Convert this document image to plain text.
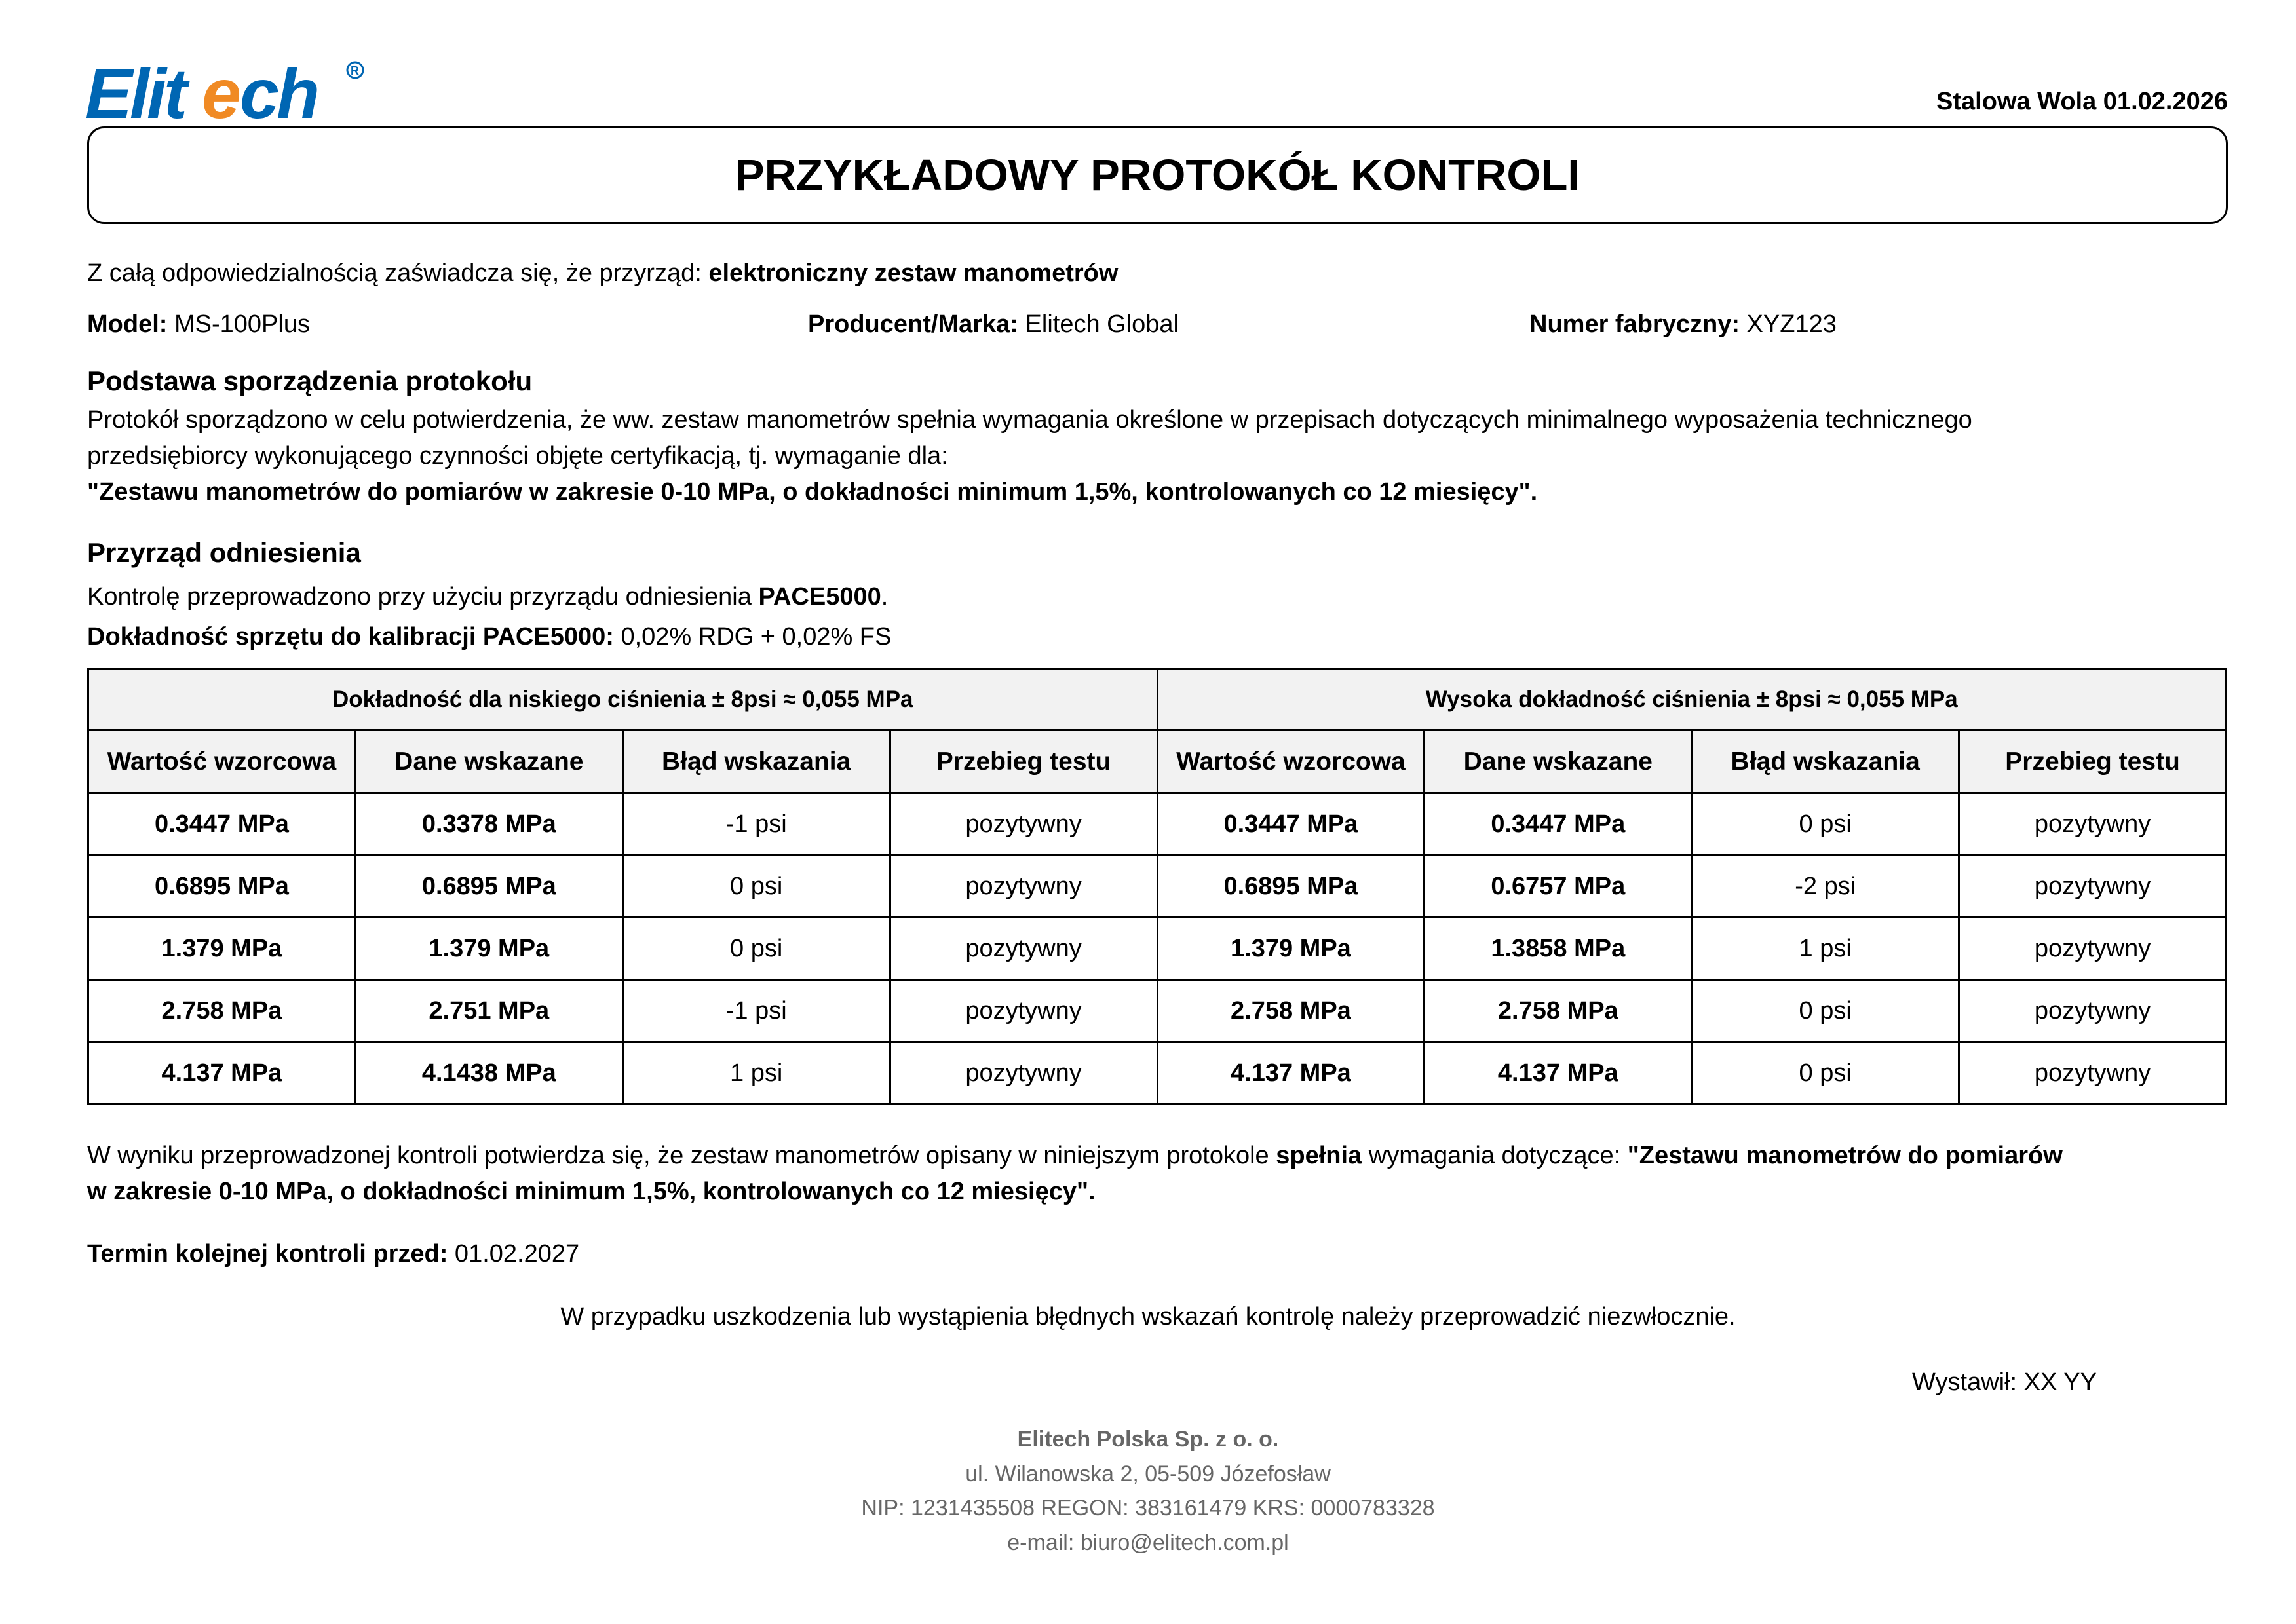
Elit e
ch	R
Stalowa Wola 01.02.2026
PRZYKŁADOWY PROTOKÓŁ KONTROLI
Z całą odpowiedzialnością zaświadcza się, że przyrząd: elektroniczny zestaw manometrów
Model: MS-100Plus	Producent/Marka: Elitech Global	Numer fabryczny: XYZ123
Podstawa sporządzenia protokołu
Protokół sporządzono w celu potwierdzenia, że ww. zestaw manometrów spełnia wymagania określone w przepisach dotyczących minimalnego wyposażenia technicznego
przedsiębiorcy wykonującego czynności objęte certyfikacją, tj. wymaganie dla:
"Zestawu manometrów do pomiarów w zakresie 0-10 MPa, o dokładności minimum 1,5%, kontrolowanych co 12 miesięcy".
Przyrząd odniesienia
Kontrolę przeprowadzono przy użyciu przyrządu odniesienia PACE5000.
Dokładność sprzętu do kalibracji PACE5000: 0,02% RDG + 0,02% FS
Dokładność dla niskiego ciśnienia ± 8psi ≈ 0,055 MPa				Wysoka dokładność ciśnienia ± 8psi ≈ 0,055 MPa			
Wartość wzorcowa	Dane wskazane	Błąd wskazania	Przebieg testu	Wartość wzorcowa	Dane wskazane	Błąd wskazania	Przebieg testu
0.3447 MPa	0.3378 MPa	-1 psi	pozytywny	0.3447 MPa	0.3447 MPa	0 psi	pozytywny
0.6895 MPa	0.6895 MPa	0 psi	pozytywny	0.6895 MPa	0.6757 MPa	-2 psi	pozytywny
1.379 MPa	1.379 MPa	0 psi	pozytywny	1.379 MPa	1.3858 MPa	1 psi	pozytywny
2.758 MPa	2.751 MPa	-1 psi	pozytywny	2.758 MPa	2.758 MPa	0 psi	pozytywny
4.137 MPa	4.1438 MPa	1 psi	pozytywny	4.137 MPa	4.137 MPa	0 psi	pozytywny
W wyniku przeprowadzonej kontroli potwierdza się, że zestaw manometrów opisany w niniejszym protokole spełnia wymagania dotyczące: "Zestawu manometrów do pomiarów
w zakresie 0-10 MPa, o dokładności minimum 1,5%, kontrolowanych co 12 miesięcy".
Termin kolejnej kontroli przed: 01.02.2027
W przypadku uszkodzenia lub wystąpienia błędnych wskazań kontrolę należy przeprowadzić niezwłocznie.
Wystawił: XX YY
Elitech Polska Sp. z o. o.
ul. Wilanowska 2, 05-509 Józefosław
NIP: 1231435508 REGON: 383161479 KRS: 0000783328
e-mail: biuro@elitech.com.pl
